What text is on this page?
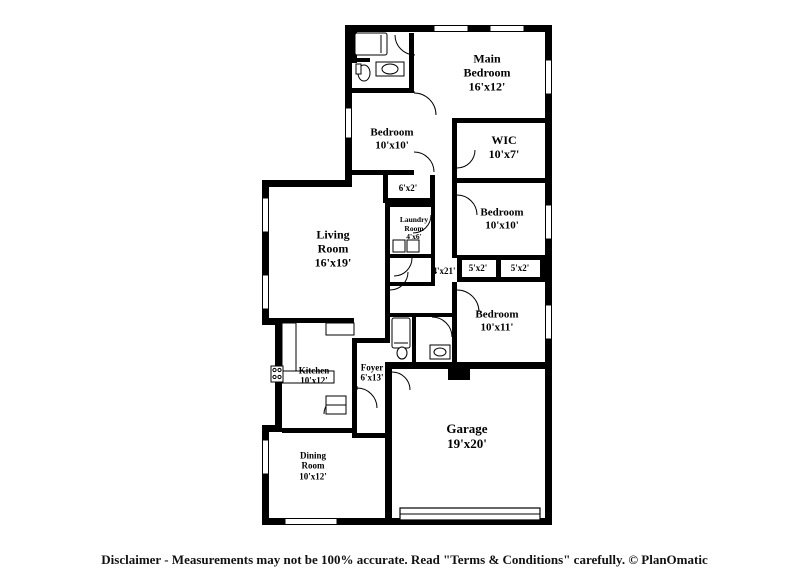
Main
Bedroom
16'x12'
WIC
10'x7'
Bedroom
10'x10'
Bedroom
10'x10'
Bedroom
10'x11'
Living
Room
16'x19'
Laundry
Room
4'x6'
Kitchen
10'x12'
Foyer
6'x13'
Dining
Room
10'x12'
Garage
19'x20'
6'x2'
4'x21' 5'x2'	5'x2'
Disclaimer - Measurements may not be 100% accurate. Read "Terms & Conditions" carefully. © PlanOmatic
